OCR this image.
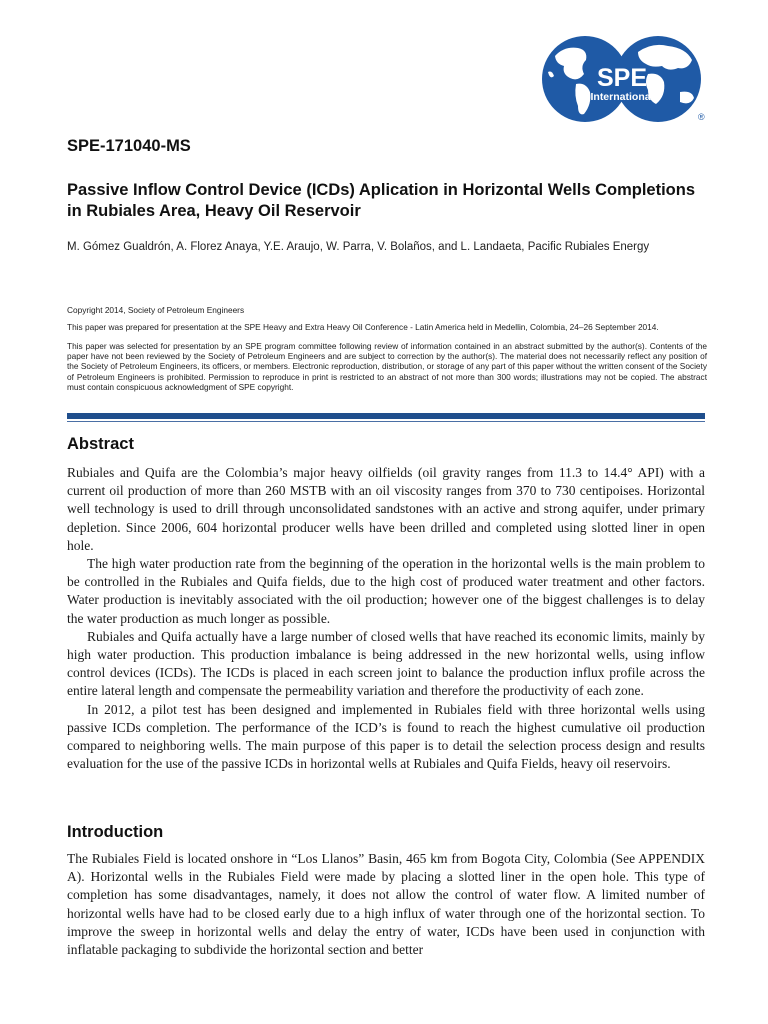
SPE
International
®
SPE-171040-MS
Passive Inflow Control Device (ICDs) Aplication in Horizontal Wells Completions in Rubiales Area, Heavy Oil Reservoir
M. Gómez Gualdrón, A. Florez Anaya, Y.E. Araujo, W. Parra, V. Bolaños, and L. Landaeta, Pacific Rubiales Energy
Copyright 2014, Society of Petroleum Engineers
This paper was prepared for presentation at the SPE Heavy and Extra Heavy Oil Conference - Latin America held in Medellin, Colombia, 24–26 September 2014.
This paper was selected for presentation by an SPE program committee following review of information contained in an abstract submitted by the author(s). Contents of the paper have not been reviewed by the Society of Petroleum Engineers and are subject to correction by the author(s). The material does not necessarily reflect any position of the Society of Petroleum Engineers, its officers, or members. Electronic reproduction, distribution, or storage of any part of this paper without the written consent of the Society of Petroleum Engineers is prohibited. Permission to reproduce in print is restricted to an abstract of not more than 300 words; illustrations may not be copied. The abstract must contain conspicuous acknowledgment of SPE copyright.
Abstract

Rubiales and Quifa are the Colombia’s major heavy oilfields (oil gravity ranges from 11.3 to 14.4° API) with a current oil production of more than 260 MSTB with an oil viscosity ranges from 370 to 730 centipoises. Horizontal well technology is used to drill through unconsolidated sandstones with an active and strong aquifer, under primary depletion. Since 2006, 604 horizontal producer wells have been drilled and completed using slotted liner in open hole.

The high water production rate from the beginning of the operation in the horizontal wells is the main problem to be controlled in the Rubiales and Quifa fields, due to the high cost of produced water treatment and other factors. Water production is inevitably associated with the oil production; however one of the biggest challenges is to delay the water production as much longer as possible.

Rubiales and Quifa actually have a large number of closed wells that have reached its economic limits, mainly by high water production. This production imbalance is being addressed in the new horizontal wells, using inflow control devices (ICDs). The ICDs is placed in each screen joint to balance the production influx profile across the entire lateral length and compensate the permeability variation and therefore the productivity of each zone.

In 2012, a pilot test has been designed and implemented in Rubiales field with three horizontal wells using passive ICDs completion. The performance of the ICD’s is found to reach the highest cumulative oil production compared to neighboring wells. The main purpose of this paper is to detail the selection process design and results evaluation for the use of the passive ICDs in horizontal wells at Rubiales and Quifa Fields, heavy oil reservoirs.

Introduction

The Rubiales Field is located onshore in “Los Llanos” Basin, 465 km from Bogota City, Colombia (See APPENDIX A). Horizontal wells in the Rubiales Field were made by placing a slotted liner in the open hole. This type of completion has some disadvantages, namely, it does not allow the control of water flow. A limited number of horizontal wells have had to be closed early due to a high influx of water through one of the horizontal section. To improve the sweep in horizontal wells and delay the entry of water, ICDs have been used in conjunction with inflatable packaging to subdivide the horizontal section and better
